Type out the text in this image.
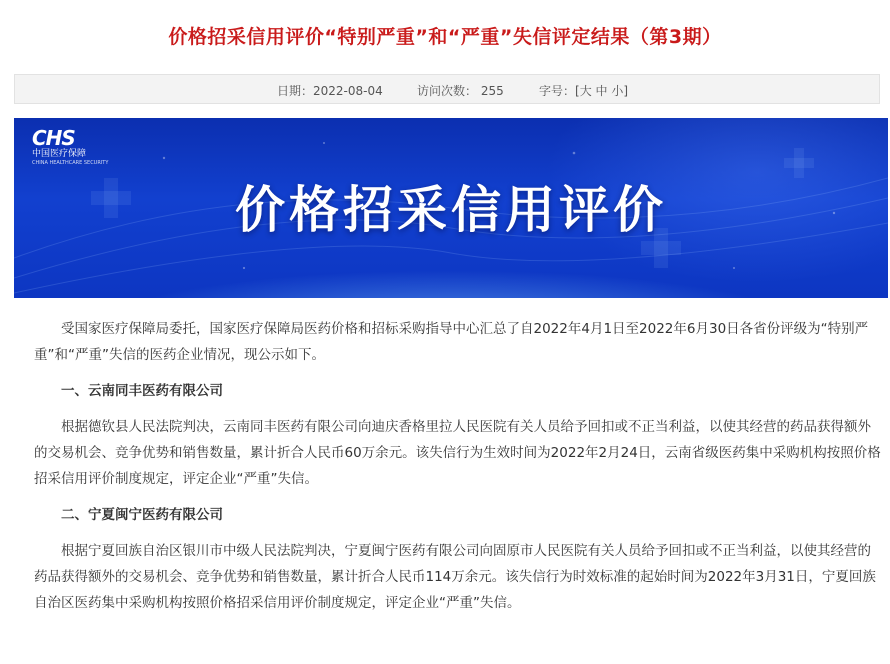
价格招采信用评价“特别严重”和“严重”失信评定结果（第3期）
日期：2022-08-04	访问次数： 255	字号：[大 中 小]
CHS
中国医疗保障
CHINA HEALTHCARE SECURITY
价格招采信用评价

受国家医疗保障局委托，国家医疗保障局医药价格和招标采购指导中心汇总了自2022年4月1日至2022年6月30日各省份评级为“特别严重”和“严重”失信的医药企业情况，现公示如下。

一、云南同丰医药有限公司

根据德钦县人民法院判决，云南同丰医药有限公司向迪庆香格里拉人民医院有关人员给予回扣或不正当利益，以使其经营的药品获得额外的交易机会、竞争优势和销售数量，累计折合人民币60万余元。该失信行为生效时间为2022年2月24日，云南省级医药集中采购机构按照价格招采信用评价制度规定，评定企业“严重”失信。

二、宁夏闽宁医药有限公司

根据宁夏回族自治区银川市中级人民法院判决，宁夏闽宁医药有限公司向固原市人民医院有关人员给予回扣或不正当利益，以使其经营的药品获得额外的交易机会、竞争优势和销售数量，累计折合人民币114万余元。该失信行为时效标准的起始时间为2022年3月31日，宁夏回族自治区医药集中采购机构按照价格招采信用评价制度规定，评定企业“严重”失信。
